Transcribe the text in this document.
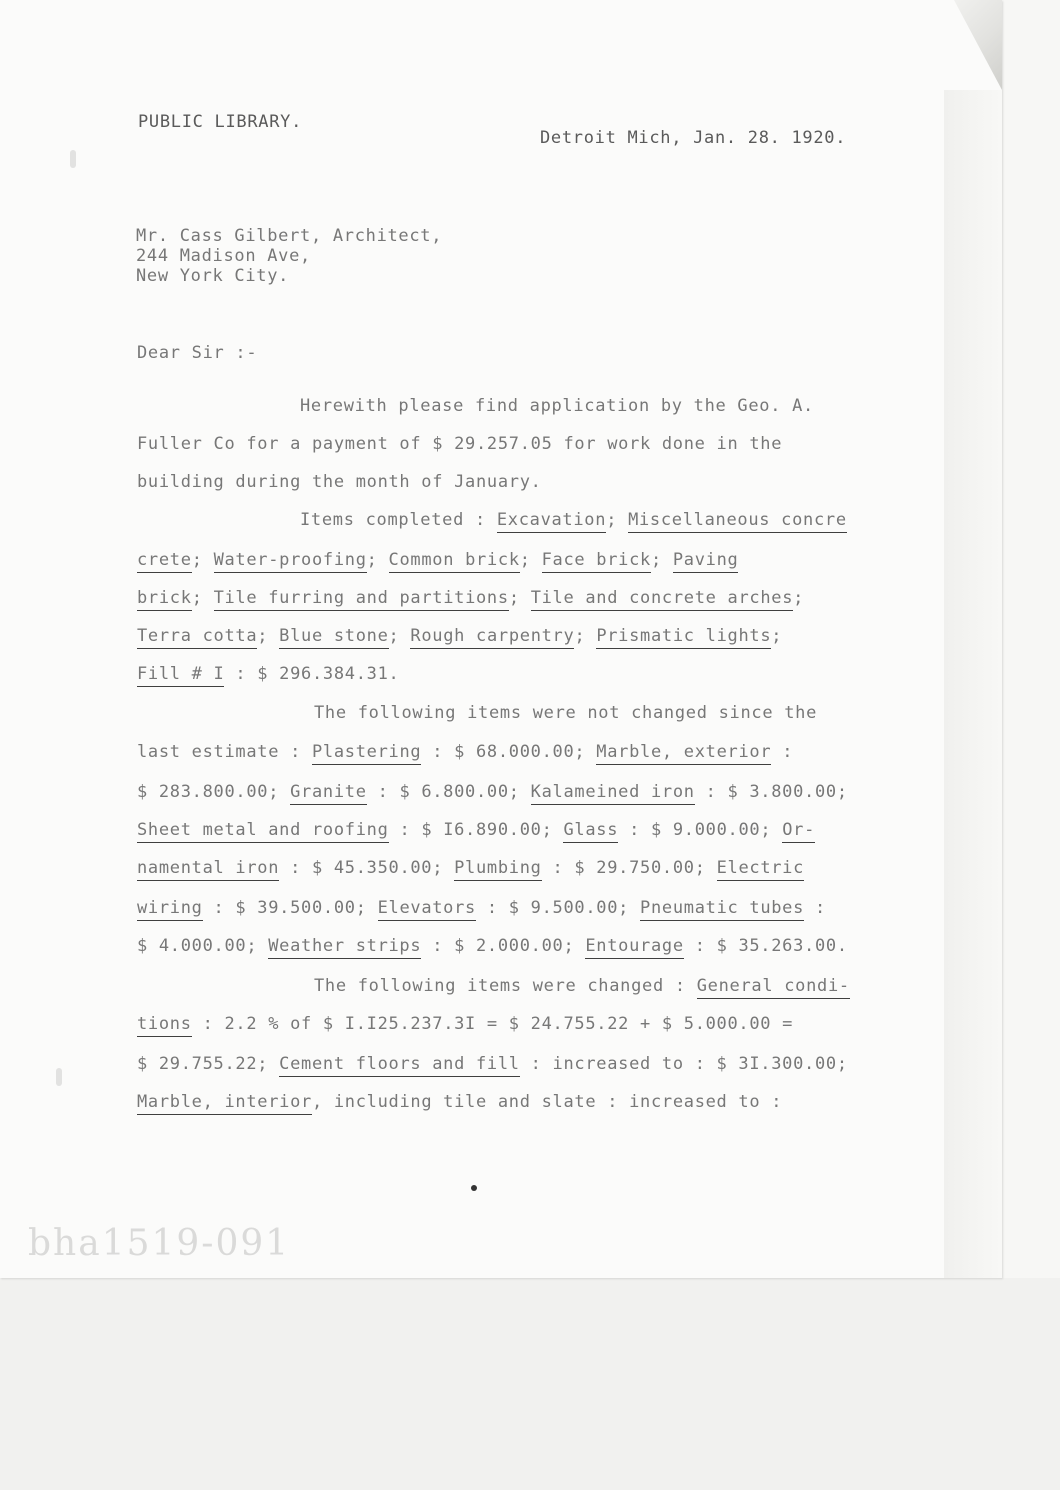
PUBLIC LIBRARY.
Detroit Mich, Jan. 28. 1920.
Mr. Cass Gilbert, Architect,
244 Madison Ave,
New York City.
Dear Sir :-
Herewith please find application by the Geo. A.
Fuller Co for a payment of $ 29.257.05 for work done in the
building during the month of January.
Items completed : Excavation; Miscellaneous concre
crete; Water-proofing; Common brick; Face brick; Paving
brick; Tile furring and partitions; Tile and concrete arches;
Terra cotta; Blue stone; Rough carpentry; Prismatic lights;
Fill # I : $ 296.384.31.
The following items were not changed since the
last estimate : Plastering : $ 68.000.00; Marble, exterior :
$ 283.800.00; Granite : $ 6.800.00; Kalameined iron : $ 3.800.00;
Sheet metal and roofing : $ I6.890.00; Glass : $ 9.000.00; Or-
namental iron : $ 45.350.00; Plumbing : $ 29.750.00; Electric
wiring : $ 39.500.00; Elevators : $ 9.500.00; Pneumatic tubes :
$ 4.000.00; Weather strips : $ 2.000.00; Entourage : $ 35.263.00.
The following items were changed : General condi-
tions : 2.2 % of $ I.I25.237.3I = $ 24.755.22 + $ 5.000.00 =
$ 29.755.22; Cement floors and fill : increased to : $ 3I.300.00;
Marble, interior, including tile and slate : increased to :
bha1519-091
